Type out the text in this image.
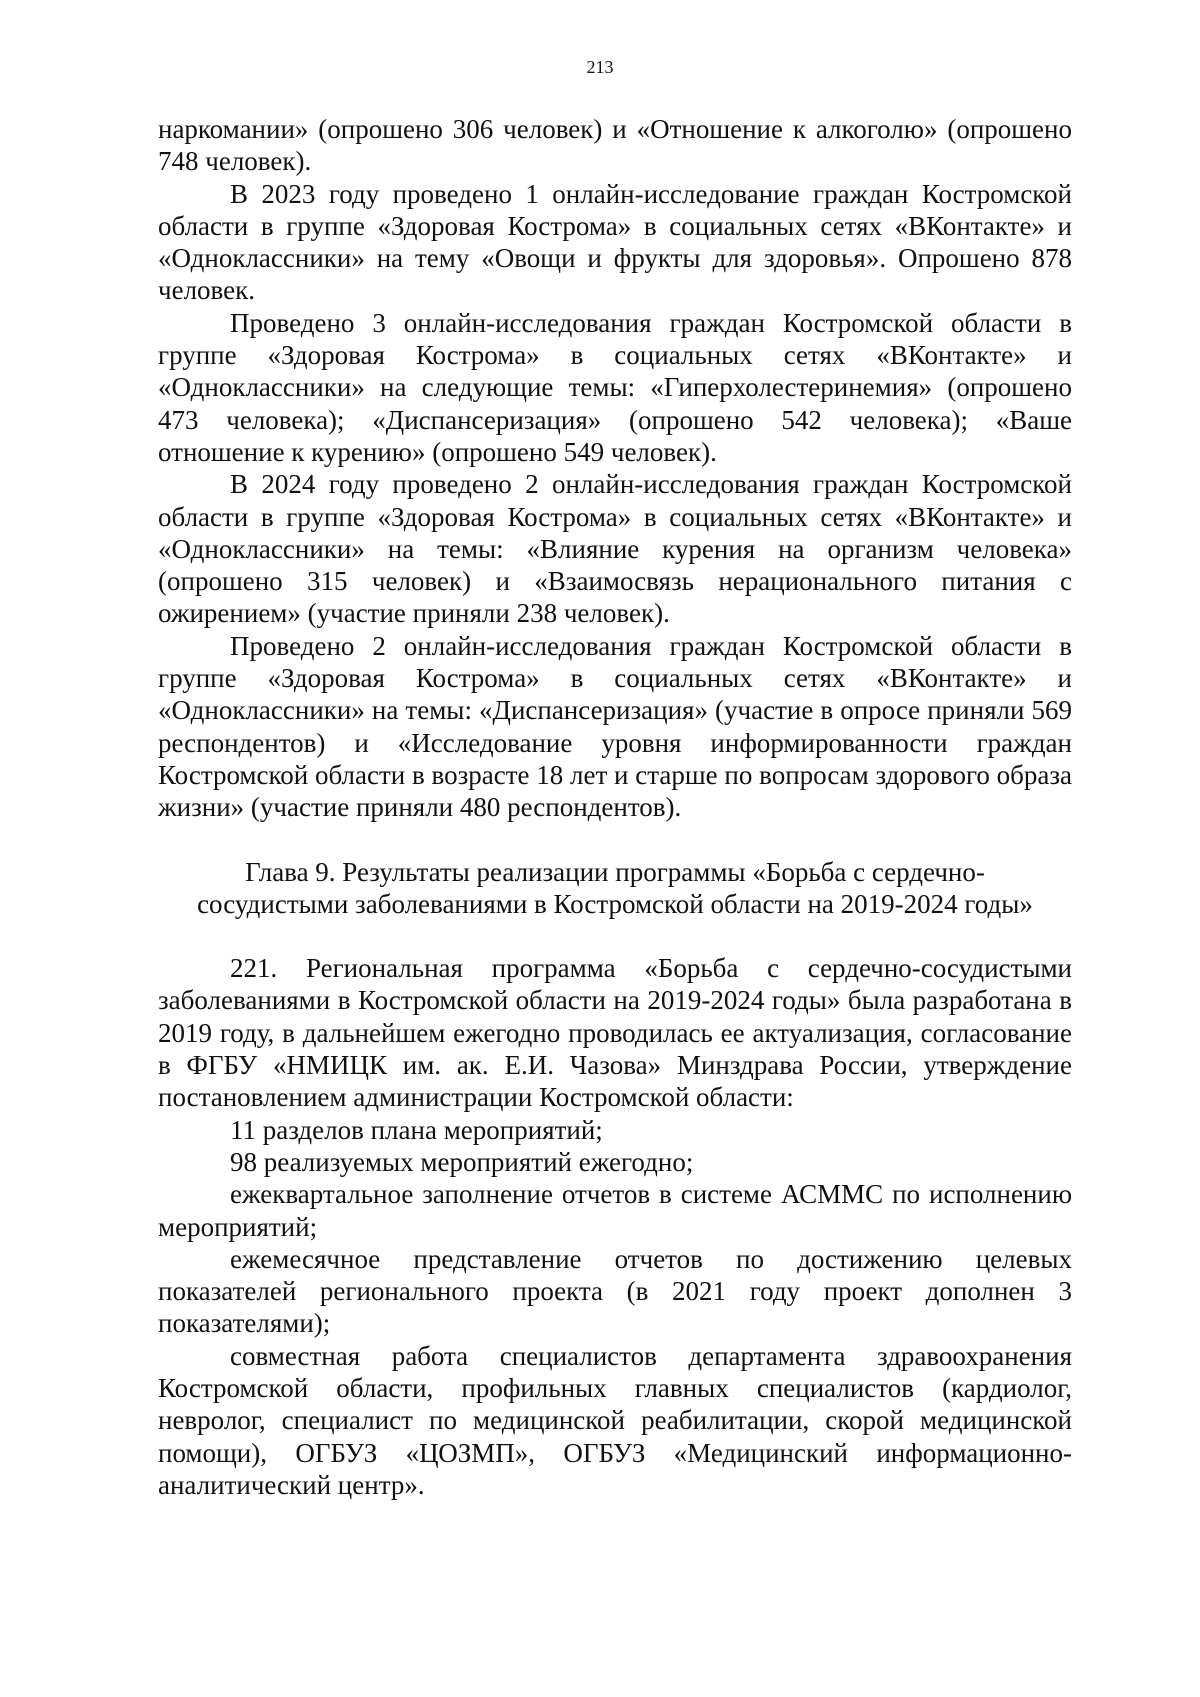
213

наркомании» (опрошено 306 человек) и «Отношение к алкоголю» (опрошено 748 человек).

В 2023 году проведено 1 онлайн-исследование граждан Костромской области в группе «Здоровая Кострома» в социальных сетях «ВКонтакте» и «Одноклассники» на тему «Овощи и фрукты для здоровья». Опрошено 878 человек.

Проведено 3 онлайн-исследования граждан Костромской области в группе «Здоровая Кострома» в социальных сетях «ВКонтакте» и «Одноклассники» на следующие темы: «Гиперхолестеринемия» (опрошено 473 человека); «Диспансеризация» (опрошено 542 человека); «Ваше отношение к курению» (опрошено 549 человек).

В 2024 году проведено 2 онлайн-исследования граждан Костромской области в группе «Здоровая Кострома» в социальных сетях «ВКонтакте» и «Одноклассники» на темы: «Влияние курения на организм человека» (опрошено 315 человек) и «Взаимосвязь нерационального питания с ожирением» (участие приняли 238 человек).

Проведено 2 онлайн-исследования граждан Костромской области в группе «Здоровая Кострома» в социальных сетях «ВКонтакте» и «Одноклассники» на темы: «Диспансеризация» (участие в опросе приняли 569 респондентов) и «Исследование уровня информированности граждан Костромской области в возрасте 18 лет и старше по вопросам здорового образа жизни» (участие приняли 480 респондентов).

Глава 9. Результаты реализации программы «Борьба с сердечно-
сосудистыми заболеваниями в Костромской области на 2019-2024 годы»

221. Региональная программа «Борьба с сердечно-сосудистыми заболеваниями в Костромской области на 2019-2024 годы» была разработана в 2019 году, в дальнейшем ежегодно проводилась ее актуализация, согласование в ФГБУ «НМИЦК им. ак. Е.И. Чазова» Минздрава России, утверждение постановлением администрации Костромской области:

11 разделов плана мероприятий;

98 реализуемых мероприятий ежегодно;

ежеквартальное заполнение отчетов в системе АСММС по исполнению мероприятий;

ежемесячное представление отчетов по достижению целевых показателей регионального проекта (в 2021 году проект дополнен 3 показателями);

совместная работа специалистов департамента здравоохранения Костромской области, профильных главных специалистов (кардиолог, невролог, специалист по медицинской реабилитации, скорой медицинской помощи), ОГБУЗ «ЦОЗМП», ОГБУЗ «Медицинский информационно-аналитический центр».
